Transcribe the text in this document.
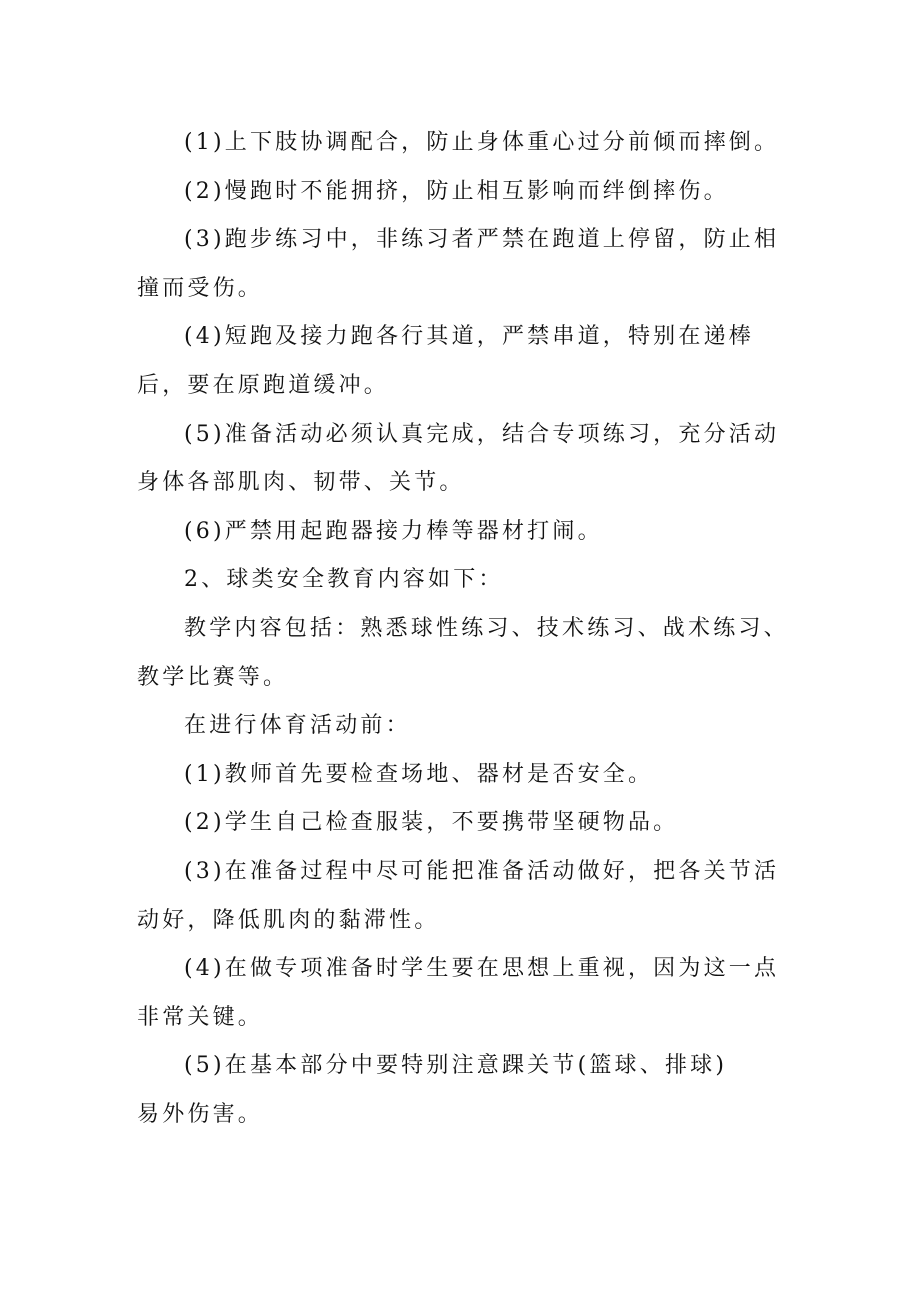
(1)上下肢协调配合，防止身体重心过分前倾而摔倒。

(2)慢跑时不能拥挤，防止相互影响而绊倒摔伤。

(3)跑步练习中，非练习者严禁在跑道上停留，防止相撞而受伤。

(4)短跑及接力跑各行其道，严禁串道，特别在递棒后，要在原跑道缓冲。

(5)准备活动必须认真完成，结合专项练习，充分活动身体各部肌肉、韧带、关节。

(6)严禁用起跑器接力棒等器材打闹。

2、球类安全教育内容如下：

教学内容包括：熟悉球性练习、技术练习、战术练习、教学比赛等。

在进行体育活动前：

(1)教师首先要检查场地、器材是否安全。

(2)学生自己检查服装，不要携带坚硬物品。

(3)在准备过程中尽可能把准备活动做好，把各关节活动好，降低肌肉的黏滞性。

(4)在做专项准备时学生要在思想上重视，因为这一点非常关键。

(5)在基本部分中要特别注意踝关节(篮球、排球)

易外伤害。
